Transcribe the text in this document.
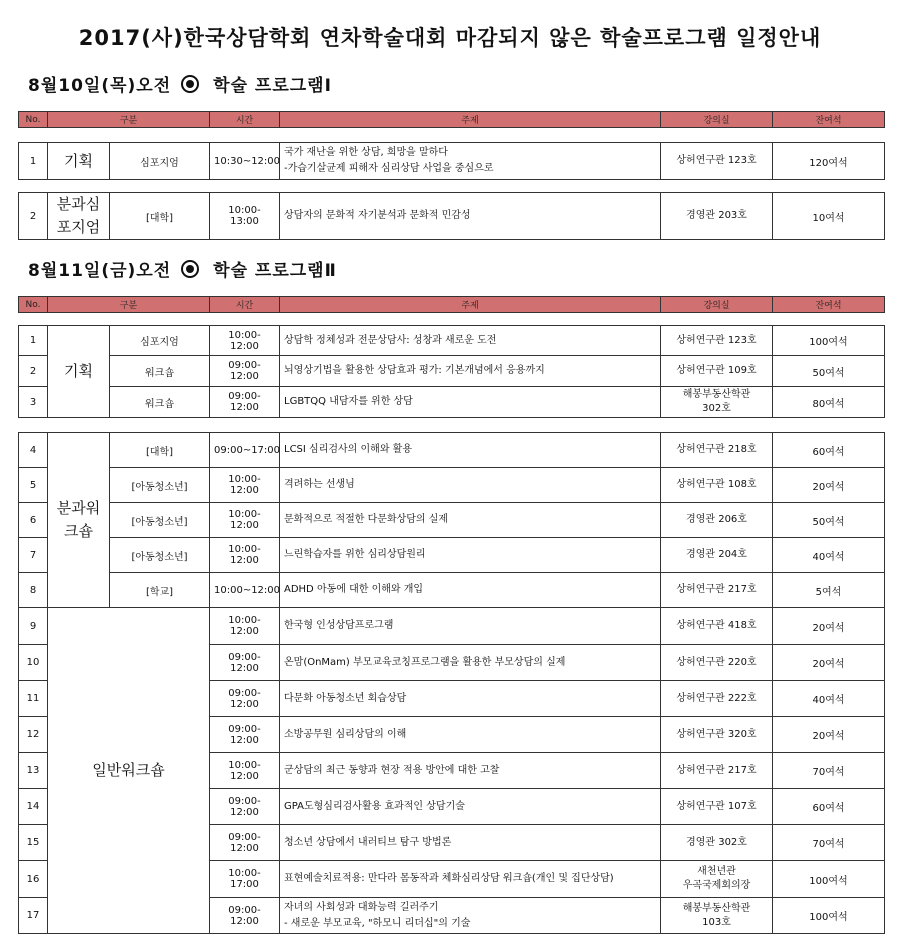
2017(사)한국상담학회 연차학술대회 마감되지 않은 학술프로그램 일정안내
8월10일(목)오전 학술 프로그램Ⅰ
No.	구분	시간	주제	강의실	잔여석
1	기획	심포지엄	10:30~12:00	국가 재난을 위한 상담, 희망을 말하다
-가습기살균제 피해자 심리상담 사업을 중심으로	상허연구관 123호	120여석
2	분과심포지엄	[대학]	10:00-13:00	상담자의 문화적 자기분석과 문화적 민감성	경영관 203호	10여석
8월11일(금)오전 학술 프로그램Ⅱ
No.	구분	시간	주제	강의실	잔여석
1	기획	심포지엄	10:00-12:00	상담학 정체성과 전문상담사: 성창과 새로운 도전	상허연구관 123호	100여석
2		워크숍	09:00-12:00	뇌영상기법을 활용한 상담효과 평가: 기본개념에서 응용까지	상허연구관 109호	50여석
3		워크숍	09:00-12:00	LGBTQQ 내담자를 위한 상담	해봉부동산학관
302호	80여석
4	분과워크숍	[대학]	09:00~17:00	LCSI 심리검사의 이해와 활용	상허연구관 218호	60여석
5		[아동청소년]	10:00-12:00	격려하는 선생님	상허연구관 108호	20여석
6		[아동청소년]	10:00-12:00	문화적으로 적절한 다문화상담의 실제	경영관 206호	50여석
7		[아동청소년]	10:00-12:00	느린학습자를 위한 심리상담원리	경영관 204호	40여석
8		[학교]	10:00~12:00	ADHD 아동에 대한 이해와 개입	상허연구관 217호	5여석
9	일반워크숍		10:00-12:00	한국형 인성상담프로그램	상허연구관 418호	20여석
10			09:00-12:00	온맘(OnMam) 부모교육코칭프로그램을 활용한 부모상담의 실제	상허연구관 220호	20여석
11			09:00-12:00	다문화 아동청소년 회습상담	상허연구관 222호	40여석
12			09:00-12:00	소방공무원 심리상담의 이해	상허연구관 320호	20여석
13			10:00-12:00	군상담의 최근 동향과 현장 적용 방안에 대한 고찰	상허연구관 217호	70여석
14			09:00-12:00	GPA도형심리검사활용 효과적인 상담기술	상허연구관 107호	60여석
15			09:00-12:00	청소년 상담에서 내러티브 탐구 방법론	경영관 302호	70여석
16			10:00-17:00	표현예술치료적용: 만다라 몸동작과 체화심리상담 워크숍(개인 및 집단상담)	새천년관
우곡국제회의장	100여석
17			09:00-12:00	자녀의 사회성과 대화능력 길러주기
- 새로운 부모교육, "하모니 리더십"의 기술	해봉부동산학관
103호	100여석
